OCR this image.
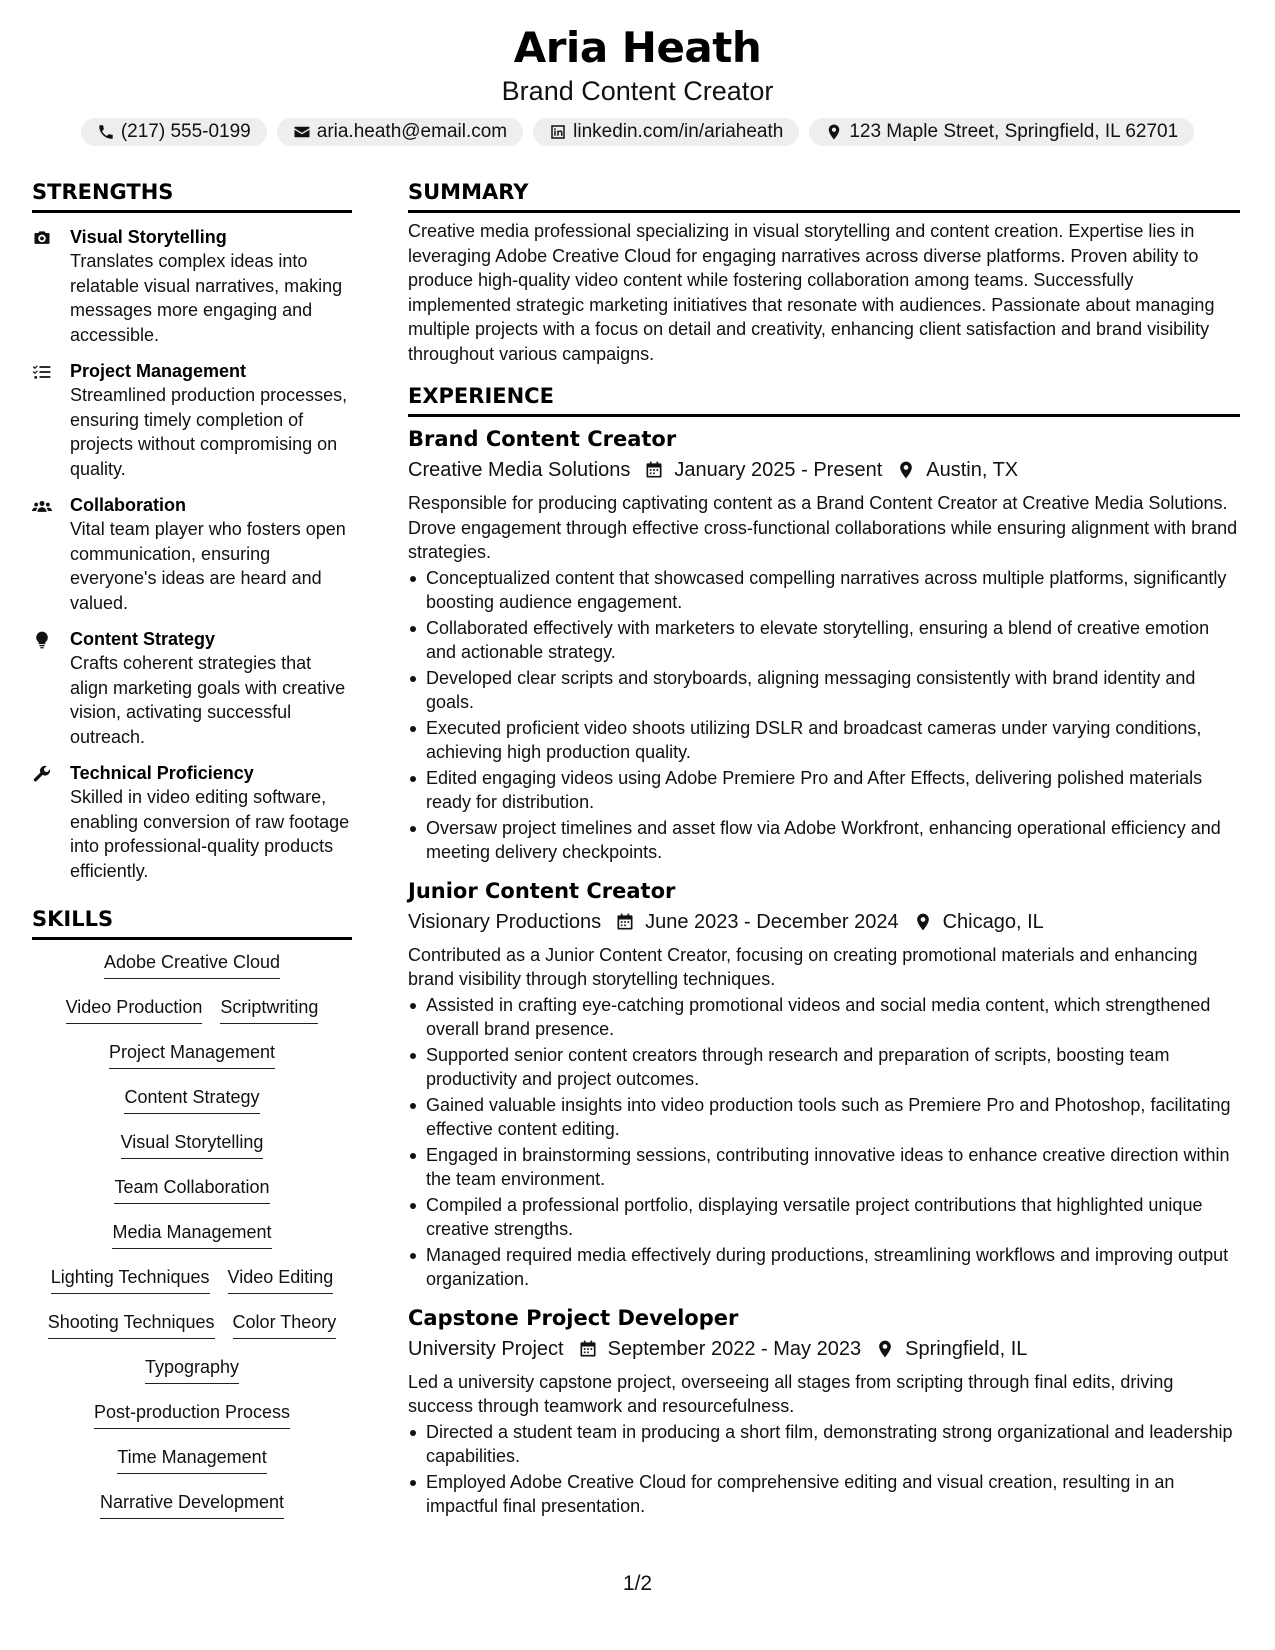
Aria Heath
Brand Content Creator
(217) 555-0199	aria.heath@email.com	linkedin.com/in/ariaheath	123 Maple Street, Springfield, IL 62701
STRENGTHS
Visual Storytelling
Translates complex ideas into relatable visual narratives, making messages more engaging and accessible.
Project Management
Streamlined production processes, ensuring timely completion of projects without compromising on quality.
Collaboration
Vital team player who fosters open communication, ensuring everyone's ideas are heard and valued.
Content Strategy
Crafts coherent strategies that align marketing goals with creative vision, activating successful outreach.
Technical Proficiency
Skilled in video editing software, enabling conversion of raw footage into professional-quality products efficiently.
SKILLS
Adobe Creative Cloud
Video Production Scriptwriting
Project Management
Content Strategy
Visual Storytelling
Team Collaboration
Media Management
Lighting Techniques Video Editing
Shooting Techniques Color Theory
Typography
Post-production Process
Time Management
Narrative Development
SUMMARY

Creative media professional specializing in visual storytelling and content creation. Expertise lies in leveraging Adobe Creative Cloud for engaging narratives across diverse platforms. Proven ability to produce high-quality video content while fostering collaboration among teams. Successfully implemented strategic marketing initiatives that resonate with audiences. Passionate about managing multiple projects with a focus on detail and creativity, enhancing client satisfaction and brand visibility throughout various campaigns.

EXPERIENCE
Brand Content Creator
Creative Media Solutions January 2025 - Present Austin, TX

Responsible for producing captivating content as a Brand Content Creator at Creative Media Solutions. Drove engagement through effective cross-functional collaborations while ensuring alignment with brand strategies.

Conceptualized content that showcased compelling narratives across multiple platforms, significantly boosting audience engagement.
Collaborated effectively with marketers to elevate storytelling, ensuring a blend of creative emotion and actionable strategy.
Developed clear scripts and storyboards, aligning messaging consistently with brand identity and goals.
Executed proficient video shoots utilizing DSLR and broadcast cameras under varying conditions, achieving high production quality.
Edited engaging videos using Adobe Premiere Pro and After Effects, delivering polished materials ready for distribution.
Oversaw project timelines and asset flow via Adobe Workfront, enhancing operational efficiency and meeting delivery checkpoints.
Junior Content Creator
Visionary Productions June 2023 - December 2024 Chicago, IL

Contributed as a Junior Content Creator, focusing on creating promotional materials and enhancing brand visibility through storytelling techniques.

Assisted in crafting eye-catching promotional videos and social media content, which strengthened overall brand presence.
Supported senior content creators through research and preparation of scripts, boosting team productivity and project outcomes.
Gained valuable insights into video production tools such as Premiere Pro and Photoshop, facilitating effective content editing.
Engaged in brainstorming sessions, contributing innovative ideas to enhance creative direction within the team environment.
Compiled a professional portfolio, displaying versatile project contributions that highlighted unique creative strengths.
Managed required media effectively during productions, streamlining workflows and improving output organization.
Capstone Project Developer
University Project September 2022 - May 2023 Springfield, IL

Led a university capstone project, overseeing all stages from scripting through final edits, driving success through teamwork and resourcefulness.

Directed a student team in producing a short film, demonstrating strong organizational and leadership capabilities.
Employed Adobe Creative Cloud for comprehensive editing and visual creation, resulting in an impactful final presentation.
1/2
